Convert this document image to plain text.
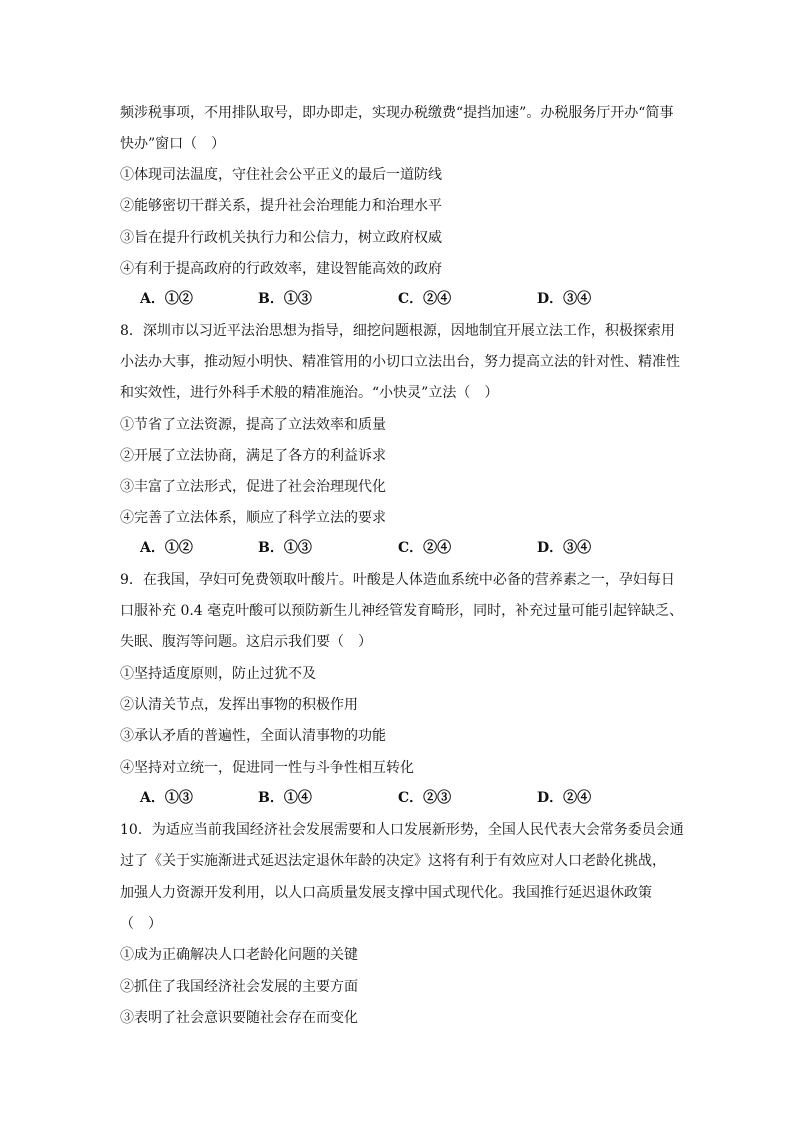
频涉税事项，不用排队取号，即办即走，实现办税缴费“提挡加速”。办税服务厅开办“简事
快办”窗口（　）
①体现司法温度，守住社会公平正义的最后一道防线
②能够密切干群关系，提升社会治理能力和治理水平
③旨在提升行政机关执行力和公信力，树立政府权威
④有利于提高政府的行政效率，建设智能高效的政府
A．①②	B．①③	C．②④	D．③④
8．深圳市以习近平法治思想为指导，细挖问题根源，因地制宜开展立法工作，积极探索用
小法办大事，推动短小明快、精准管用的小切口立法出台，努力提高立法的针对性、精准性
和实效性，进行外科手术般的精准施治。“小快灵”立法（　）
①节省了立法资源，提高了立法效率和质量
②开展了立法协商，满足了各方的利益诉求
③丰富了立法形式，促进了社会治理现代化
④完善了立法体系，顺应了科学立法的要求
A．①②	B．①③	C．②④	D．③④
9．在我国，孕妇可免费领取叶酸片。叶酸是人体造血系统中必备的营养素之一，孕妇每日
口服补充 0.4 毫克叶酸可以预防新生儿神经管发育畸形，同时，补充过量可能引起锌缺乏、
失眠、腹泻等问题。这启示我们要（　）
①坚持适度原则，防止过犹不及
②认清关节点，发挥出事物的积极作用
③承认矛盾的普遍性，全面认清事物的功能
④坚持对立统一，促进同一性与斗争性相互转化
A．①③	B．①④	C．②③	D．②④
10．为适应当前我国经济社会发展需要和人口发展新形势，全国人民代表大会常务委员会通
过了《关于实施渐进式延迟法定退休年龄的决定》这将有利于有效应对人口老龄化挑战，
加强人力资源开发利用，以人口高质量发展支撑中国式现代化。我国推行延迟退休政策
（　）
①成为正确解决人口老龄化问题的关键
②抓住了我国经济社会发展的主要方面
③表明了社会意识要随社会存在而变化
